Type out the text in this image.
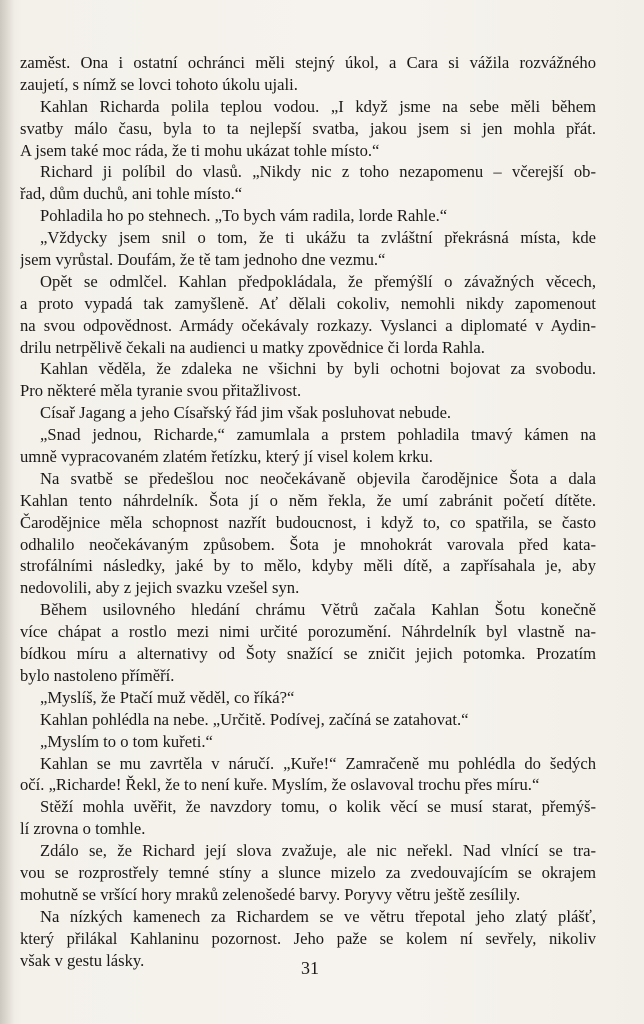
zaměst. Ona i ostatní ochránci měli stejný úkol, a Cara si vážila rozvážného
zaujetí, s nímž se lovci tohoto úkolu ujali.
Kahlan Richarda polila teplou vodou. „I když jsme na sebe měli během
svatby málo času, byla to ta nejlepší svatba, jakou jsem si jen mohla přát.
A jsem také moc ráda, že ti mohu ukázat tohle místo.“
Richard ji políbil do vlasů. „Nikdy nic z toho nezapomenu – včerejší ob-
řad, dům duchů, ani tohle místo.“
Pohladila ho po stehnech. „To bych vám radila, lorde Rahle.“
„Vždycky jsem snil o tom, že ti ukážu ta zvláštní překrásná místa, kde
jsem vyrůstal. Doufám, že tě tam jednoho dne vezmu.“
Opět se odmlčel. Kahlan předpokládala, že přemýšlí o závažných věcech,
a proto vypadá tak zamyšleně. Ať dělali cokoliv, nemohli nikdy zapomenout
na svou odpovědnost. Armády očekávaly rozkazy. Vyslanci a diplomaté v Aydin-
drilu netrpělivě čekali na audienci u matky zpovědnice či lorda Rahla.
Kahlan věděla, že zdaleka ne všichni by byli ochotni bojovat za svobodu.
Pro některé měla tyranie svou přitažlivost.
Císař Jagang a jeho Císařský řád jim však posluhovat nebude.
„Snad jednou, Richarde,“ zamumlala a prstem pohladila tmavý kámen na
umně vypracovaném zlatém řetízku, který jí visel kolem krku.
Na svatbě se předešlou noc neočekávaně objevila čarodějnice Šota a dala
Kahlan tento náhrdelník. Šota jí o něm řekla, že umí zabránit početí dítěte.
Čarodějnice měla schopnost nazřít budoucnost, i když to, co spatřila, se často
odhalilo neočekávaným způsobem. Šota je mnohokrát varovala před kata-
strofálními následky, jaké by to mělo, kdyby měli dítě, a zapřísahala je, aby
nedovolili, aby z jejich svazku vzešel syn.
Během usilovného hledání chrámu Větrů začala Kahlan Šotu konečně
více chápat a rostlo mezi nimi určité porozumění. Náhrdelník byl vlastně na-
bídkou míru a alternativy od Šoty snažící se zničit jejich potomka. Prozatím
bylo nastoleno příměří.
„Myslíš, že Ptačí muž věděl, co říká?“
Kahlan pohlédla na nebe. „Určitě. Podívej, začíná se zatahovat.“
„Myslím to o tom kuřeti.“
Kahlan se mu zavrtěla v náručí. „Kuře!“ Zamračeně mu pohlédla do šedých
očí. „Richarde! Řekl, že to není kuře. Myslím, že oslavoval trochu přes míru.“
Stěží mohla uvěřit, že navzdory tomu, o kolik věcí se musí starat, přemýš-
lí zrovna o tomhle.
Zdálo se, že Richard její slova zvažuje, ale nic neřekl. Nad vlnící se tra-
vou se rozprostřely temné stíny a slunce mizelo za zvedouvajícím se okrajem
mohutně se vršící hory mraků zelenošedé barvy. Poryvy větru ještě zesílily.
Na nízkých kamenech za Richardem se ve větru třepotal jeho zlatý plášť,
který přilákal Kahlaninu pozornost. Jeho paže se kolem ní sevřely, nikoliv
však v gestu lásky.	31
